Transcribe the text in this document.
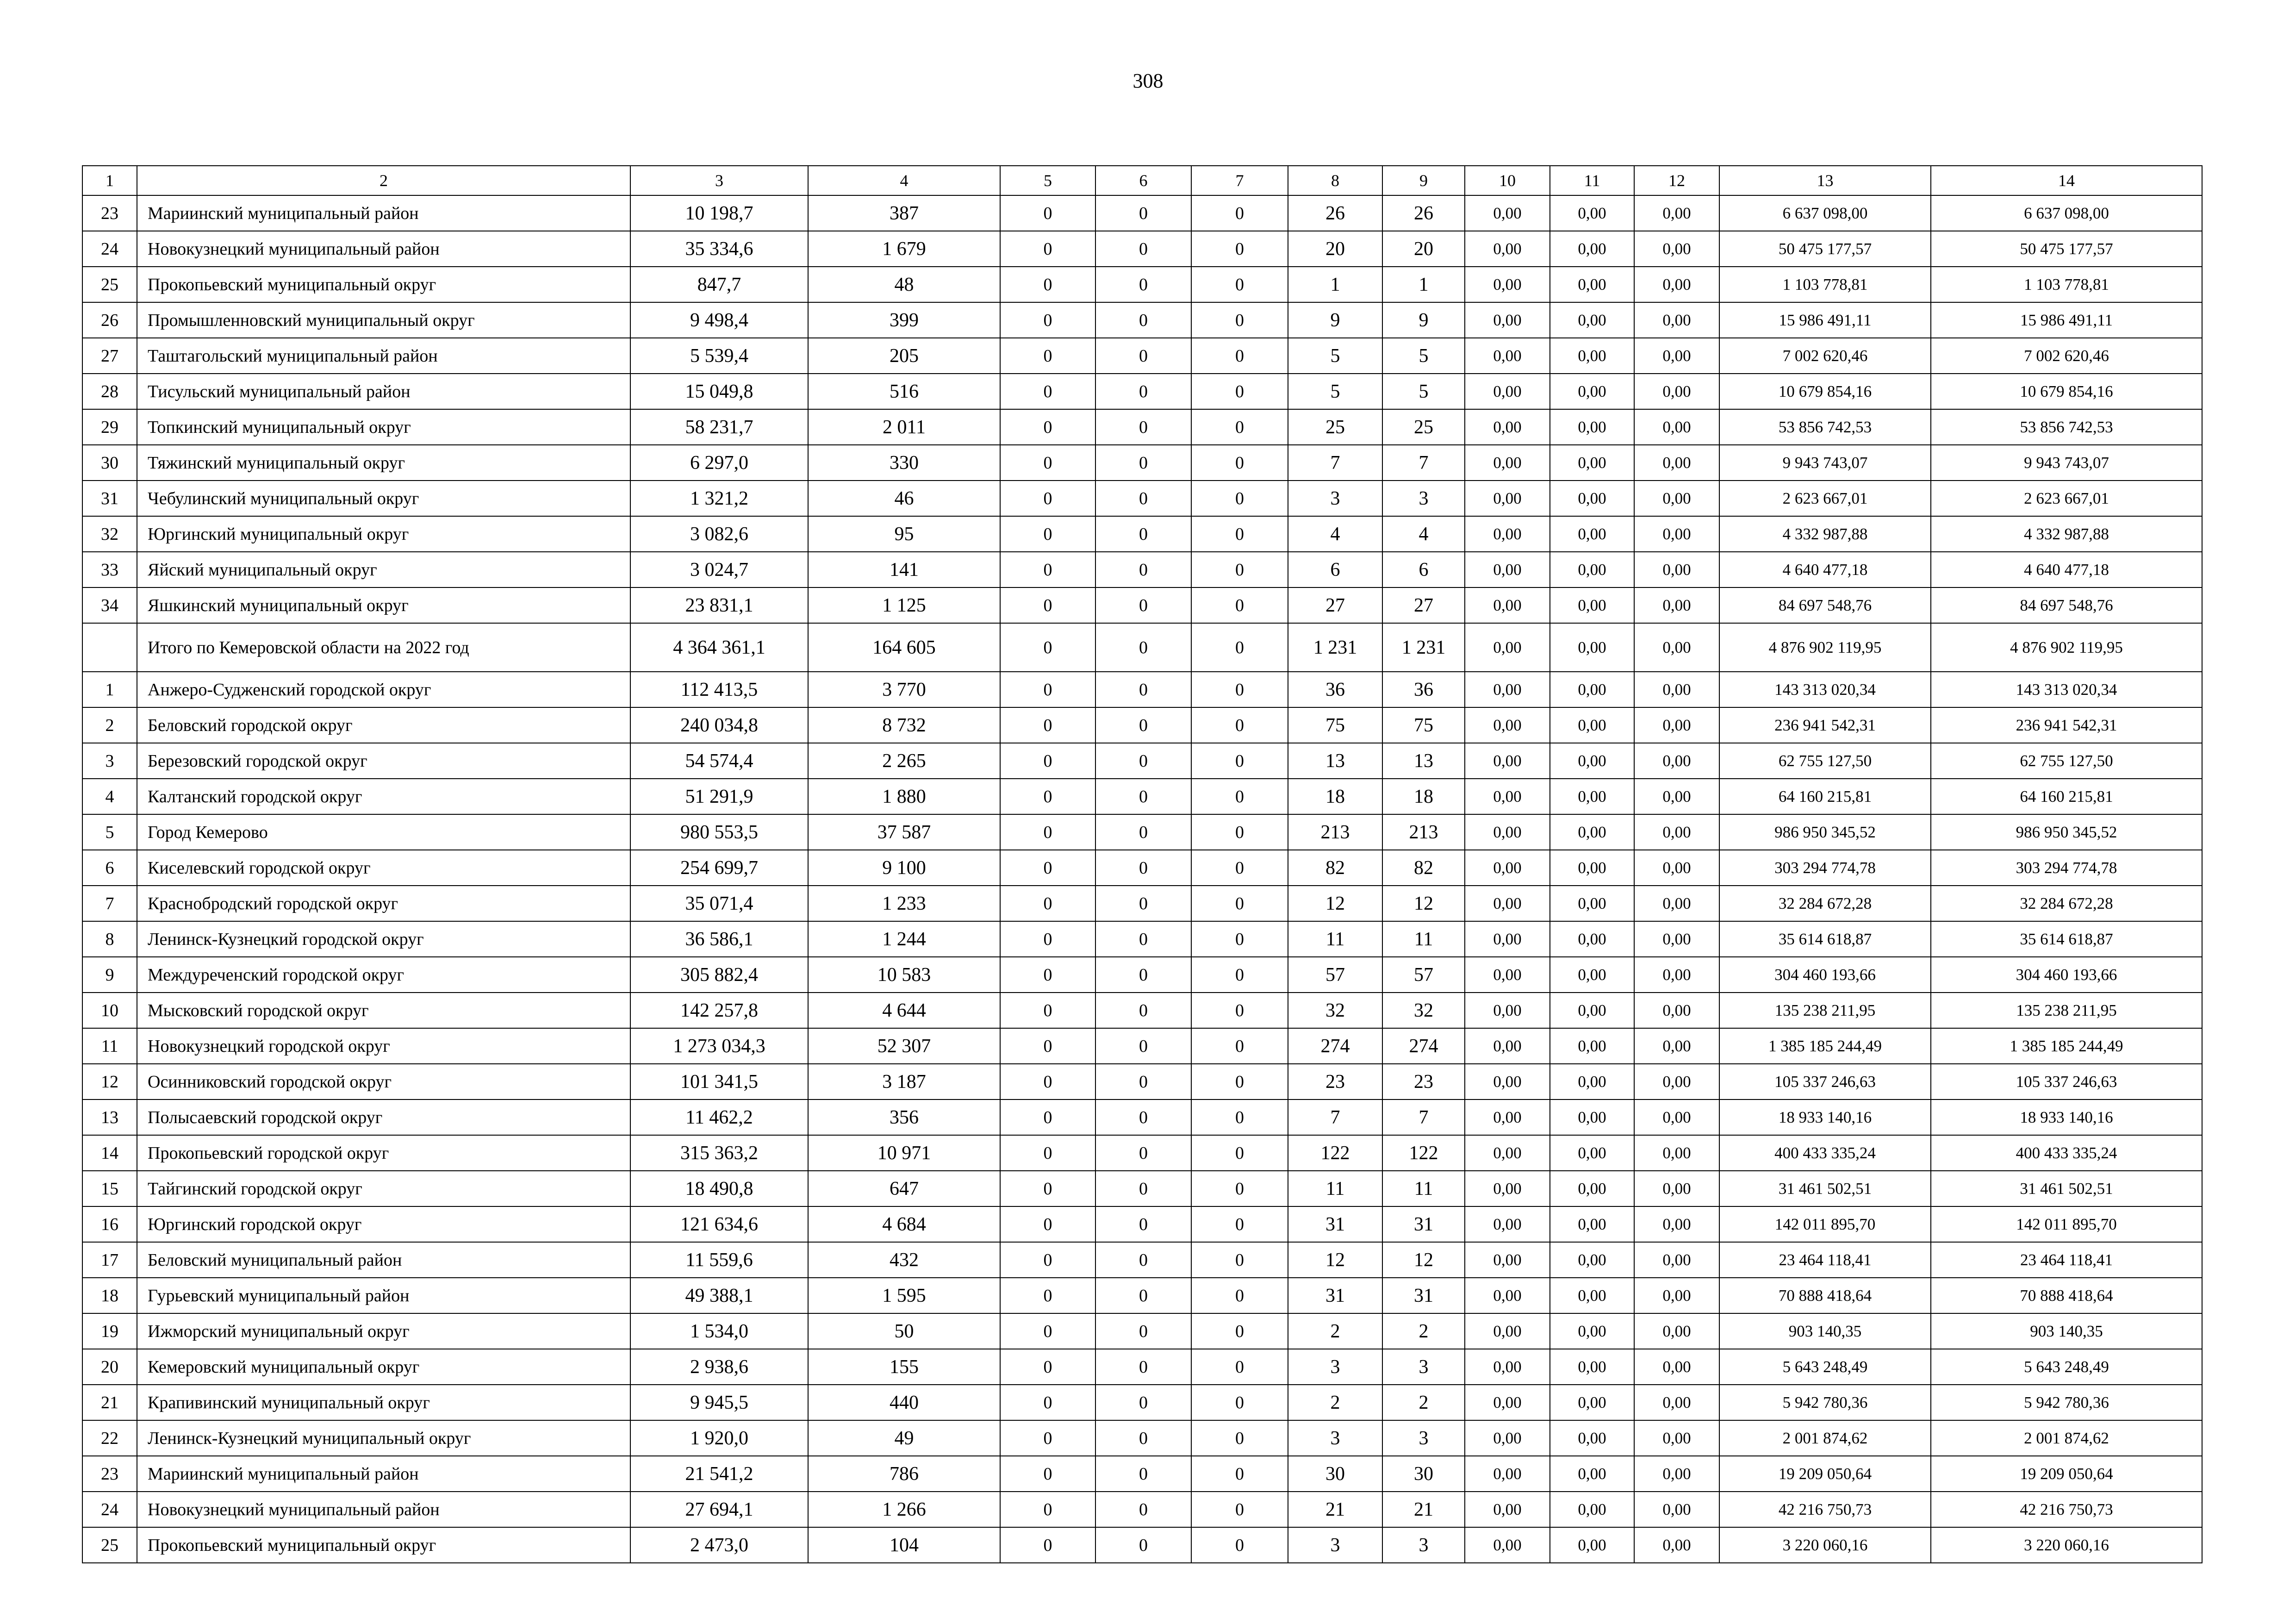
308
1	2	3	4	5	6	7	8	9	10	11	12	13	14
23	Мариинский муниципальный район	10 198,7	387	0	0	0	26	26	0,00	0,00	0,00	6 637 098,00	6 637 098,00
24	Новокузнецкий муниципальный район	35 334,6	1 679	0	0	0	20	20	0,00	0,00	0,00	50 475 177,57	50 475 177,57
25	Прокопьевский муниципальный округ	847,7	48	0	0	0	1	1	0,00	0,00	0,00	1 103 778,81	1 103 778,81
26	Промышленновский муниципальный округ	9 498,4	399	0	0	0	9	9	0,00	0,00	0,00	15 986 491,11	15 986 491,11
27	Таштагольский муниципальный район	5 539,4	205	0	0	0	5	5	0,00	0,00	0,00	7 002 620,46	7 002 620,46
28	Тисульский муниципальный район	15 049,8	516	0	0	0	5	5	0,00	0,00	0,00	10 679 854,16	10 679 854,16
29	Топкинский муниципальный округ	58 231,7	2 011	0	0	0	25	25	0,00	0,00	0,00	53 856 742,53	53 856 742,53
30	Тяжинский муниципальный округ	6 297,0	330	0	0	0	7	7	0,00	0,00	0,00	9 943 743,07	9 943 743,07
31	Чебулинский муниципальный округ	1 321,2	46	0	0	0	3	3	0,00	0,00	0,00	2 623 667,01	2 623 667,01
32	Юргинский муниципальный округ	3 082,6	95	0	0	0	4	4	0,00	0,00	0,00	4 332 987,88	4 332 987,88
33	Яйский муниципальный округ	3 024,7	141	0	0	0	6	6	0,00	0,00	0,00	4 640 477,18	4 640 477,18
34	Яшкинский муниципальный округ	23 831,1	1 125	0	0	0	27	27	0,00	0,00	0,00	84 697 548,76	84 697 548,76
	Итого по Кемеровской области на 2022 год	4 364 361,1	164 605	0	0	0	1 231	1 231	0,00	0,00	0,00	4 876 902 119,95	4 876 902 119,95
1	Анжеро-Судженский городской округ	112 413,5	3 770	0	0	0	36	36	0,00	0,00	0,00	143 313 020,34	143 313 020,34
2	Беловский городской округ	240 034,8	8 732	0	0	0	75	75	0,00	0,00	0,00	236 941 542,31	236 941 542,31
3	Березовский городской округ	54 574,4	2 265	0	0	0	13	13	0,00	0,00	0,00	62 755 127,50	62 755 127,50
4	Калтанский городской округ	51 291,9	1 880	0	0	0	18	18	0,00	0,00	0,00	64 160 215,81	64 160 215,81
5	Город Кемерово	980 553,5	37 587	0	0	0	213	213	0,00	0,00	0,00	986 950 345,52	986 950 345,52
6	Киселевский городской округ	254 699,7	9 100	0	0	0	82	82	0,00	0,00	0,00	303 294 774,78	303 294 774,78
7	Краснобродский городской округ	35 071,4	1 233	0	0	0	12	12	0,00	0,00	0,00	32 284 672,28	32 284 672,28
8	Ленинск-Кузнецкий городской округ	36 586,1	1 244	0	0	0	11	11	0,00	0,00	0,00	35 614 618,87	35 614 618,87
9	Междуреченский городской округ	305 882,4	10 583	0	0	0	57	57	0,00	0,00	0,00	304 460 193,66	304 460 193,66
10	Мысковский городской округ	142 257,8	4 644	0	0	0	32	32	0,00	0,00	0,00	135 238 211,95	135 238 211,95
11	Новокузнецкий городской округ	1 273 034,3	52 307	0	0	0	274	274	0,00	0,00	0,00	1 385 185 244,49	1 385 185 244,49
12	Осинниковский городской округ	101 341,5	3 187	0	0	0	23	23	0,00	0,00	0,00	105 337 246,63	105 337 246,63
13	Полысаевский городской округ	11 462,2	356	0	0	0	7	7	0,00	0,00	0,00	18 933 140,16	18 933 140,16
14	Прокопьевский городской округ	315 363,2	10 971	0	0	0	122	122	0,00	0,00	0,00	400 433 335,24	400 433 335,24
15	Тайгинский городской округ	18 490,8	647	0	0	0	11	11	0,00	0,00	0,00	31 461 502,51	31 461 502,51
16	Юргинский городской округ	121 634,6	4 684	0	0	0	31	31	0,00	0,00	0,00	142 011 895,70	142 011 895,70
17	Беловский муниципальный район	11 559,6	432	0	0	0	12	12	0,00	0,00	0,00	23 464 118,41	23 464 118,41
18	Гурьевский муниципальный район	49 388,1	1 595	0	0	0	31	31	0,00	0,00	0,00	70 888 418,64	70 888 418,64
19	Ижморский муниципальный округ	1 534,0	50	0	0	0	2	2	0,00	0,00	0,00	903 140,35	903 140,35
20	Кемеровский муниципальный округ	2 938,6	155	0	0	0	3	3	0,00	0,00	0,00	5 643 248,49	5 643 248,49
21	Крапивинский муниципальный округ	9 945,5	440	0	0	0	2	2	0,00	0,00	0,00	5 942 780,36	5 942 780,36
22	Ленинск-Кузнецкий муниципальный округ	1 920,0	49	0	0	0	3	3	0,00	0,00	0,00	2 001 874,62	2 001 874,62
23	Мариинский муниципальный район	21 541,2	786	0	0	0	30	30	0,00	0,00	0,00	19 209 050,64	19 209 050,64
24	Новокузнецкий муниципальный район	27 694,1	1 266	0	0	0	21	21	0,00	0,00	0,00	42 216 750,73	42 216 750,73
25	Прокопьевский муниципальный округ	2 473,0	104	0	0	0	3	3	0,00	0,00	0,00	3 220 060,16	3 220 060,16
